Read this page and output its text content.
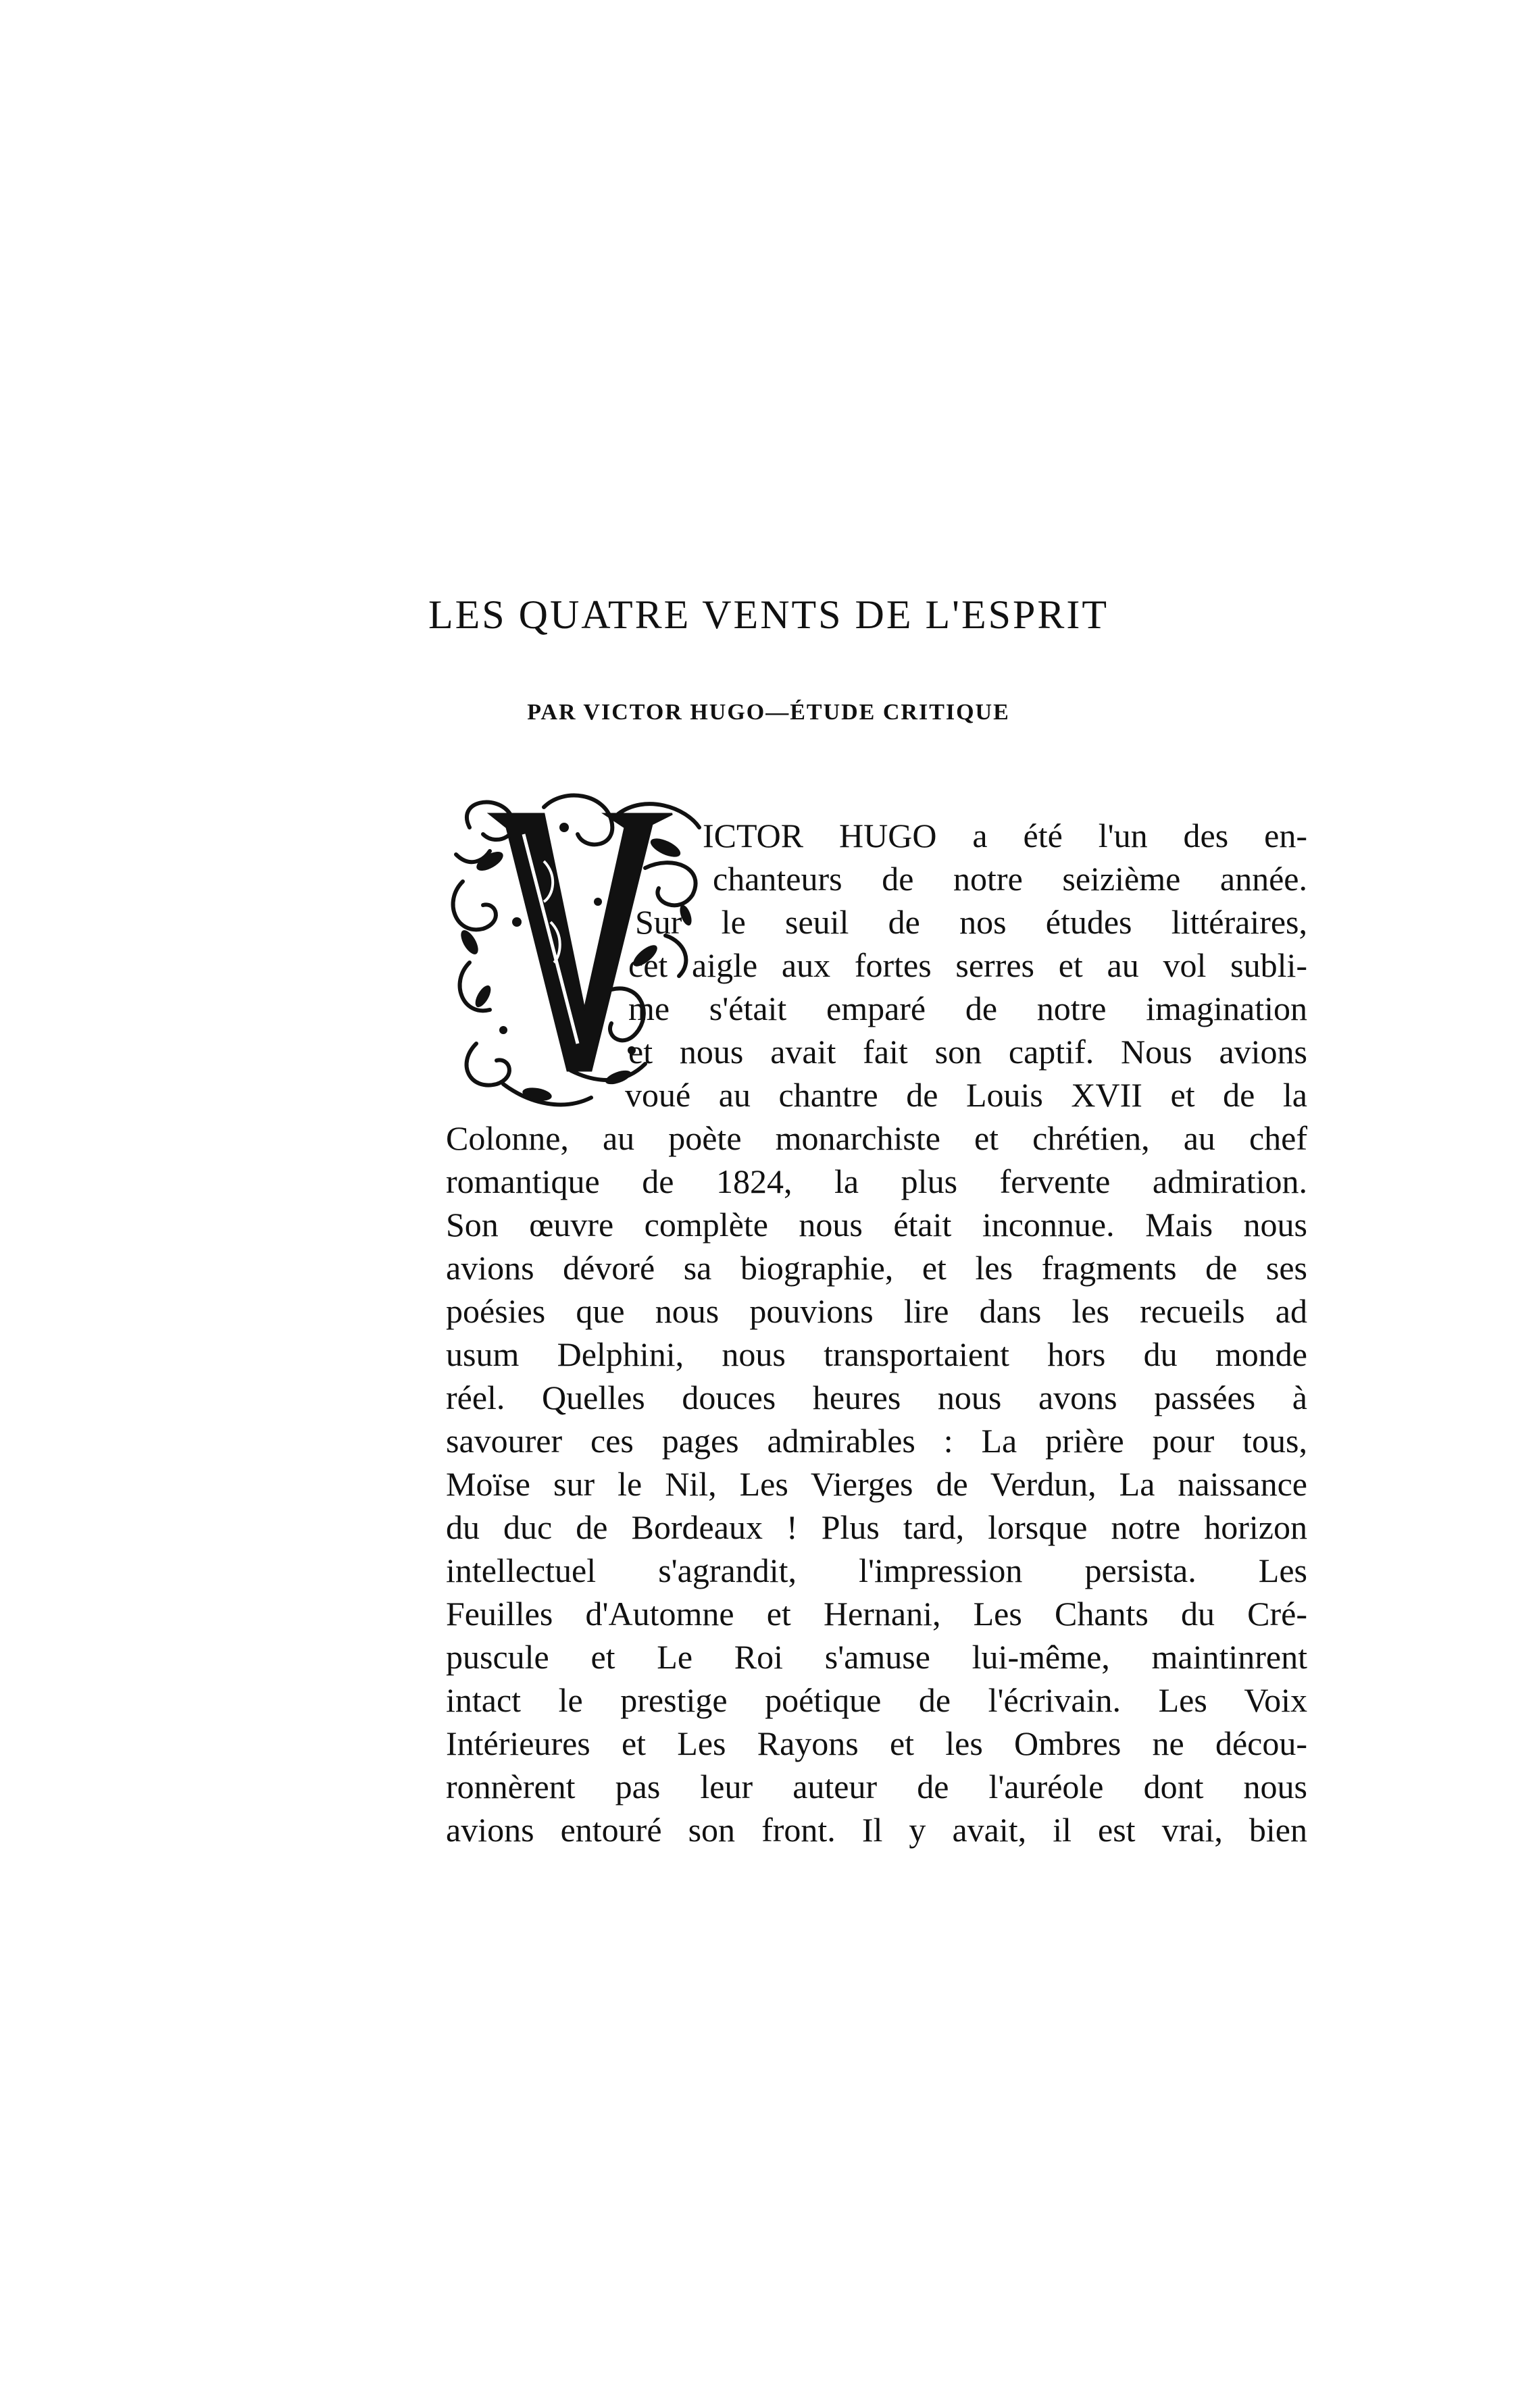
LES QUATRE VENTS DE L'ESPRIT
PAR VICTOR HUGO—ÉTUDE CRITIQUE
ICTOR HUGO a été l'un des en-
chanteurs de notre seizième année.
Sur le seuil de nos études littéraires,
cet aigle aux fortes serres et au vol subli-
me s'était emparé de notre imagination
et nous avait fait son captif. Nous avions
voué au chantre de Louis XVII et de la
Colonne, au poète monarchiste et chrétien, au chef
romantique de 1824, la plus fervente admiration.
Son œuvre complète nous était inconnue. Mais nous
avions dévoré sa biographie, et les fragments de ses
poésies que nous pouvions lire dans les recueils ad
usum Delphini, nous transportaient hors du monde
réel. Quelles douces heures nous avons passées à
savourer ces pages admirables : La prière pour tous,
Moïse sur le Nil, Les Vierges de Verdun, La naissance
du duc de Bordeaux ! Plus tard, lorsque notre horizon
intellectuel s'agrandit, l'impression persista. Les
Feuilles d'Automne et Hernani, Les Chants du Cré-
puscule et Le Roi s'amuse lui-même, maintinrent
intact le prestige poétique de l'écrivain. Les Voix
Intérieures et Les Rayons et les Ombres ne décou-
ronnèrent pas leur auteur de l'auréole dont nous
avions entouré son front. Il y avait, il est vrai, bien
